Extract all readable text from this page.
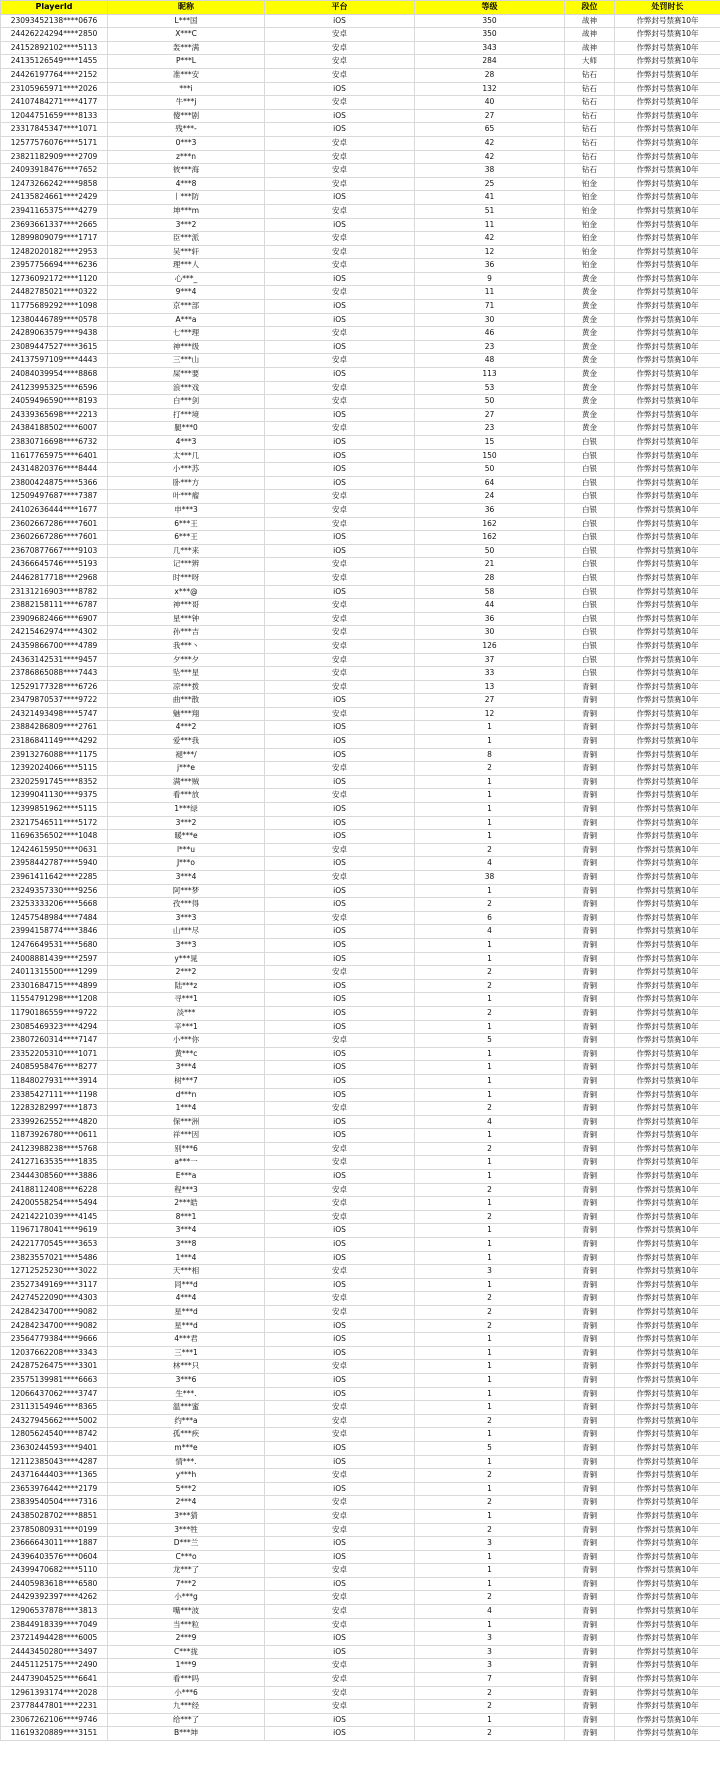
PlayerId	昵称	平台	等级	段位	处罚时长
23093452138****0676	L***国	iOS	350	战神	作弊封号禁赛10年
24426224294****2850	X***C	安卓	350	战神	作弊封号禁赛10年
24152892102****5113	轰***满	安卓	343	战神	作弊封号禁赛10年
24135126549****1455	P***L	安卓	284	大师	作弊封号禁赛10年
24426197764****2152	准***安	安卓	28	钻石	作弊封号禁赛10年
23105965971****2026	***i	iOS	132	钻石	作弊封号禁赛10年
24107484271****4177	牛***j	安卓	40	钻石	作弊封号禁赛10年
12044751659****8133	傻***剧	iOS	27	钻石	作弊封号禁赛10年
23317845347****1071	残***-	iOS	65	钻石	作弊封号禁赛10年
12577576076****5171	0***3	安卓	42	钻石	作弊封号禁赛10年
23821182909****2709	z***n	安卓	42	钻石	作弊封号禁赛10年
24093918476****7652	彼***海	安卓	38	钻石	作弊封号禁赛10年
12473266242****9858	4***8	安卓	25	铂金	作弊封号禁赛10年
24135824661****2429	丨***防	iOS	41	铂金	作弊封号禁赛10年
23941165375****4279	坤***m	安卓	51	铂金	作弊封号禁赛10年
23693661337****2665	3***2	iOS	11	铂金	作弊封号禁赛10年
12899809079****1717	臣***派	安卓	42	铂金	作弊封号禁赛10年
12482020182****2953	吴***轩	安卓	12	铂金	作弊封号禁赛10年
23957756694****6236	理***人	安卓	36	铂金	作弊封号禁赛10年
12736092172****1120	心***_	iOS	9	黄金	作弊封号禁赛10年
24482785021****0322	9***4	安卓	11	黄金	作弊封号禁赛10年
11775689292****1098	京***部	iOS	71	黄金	作弊封号禁赛10年
12380446789****0578	A***a	iOS	30	黄金	作弊封号禁赛10年
24289063579****9438	七***理	安卓	46	黄金	作弊封号禁赛10年
23089447527****3615	神***级	iOS	23	黄金	作弊封号禁赛10年
24137597109****4443	三***山	安卓	48	黄金	作弊封号禁赛10年
24084039954****8868	屎***要	iOS	113	黄金	作弊封号禁赛10年
24123995325****6596	浪***戏	安卓	53	黄金	作弊封号禁赛10年
24059496590****8193	白***剑	安卓	50	黄金	作弊封号禁赛10年
24339365698****2213	打***境	iOS	27	黄金	作弊封号禁赛10年
24384188502****6007	腿***0	安卓	23	黄金	作弊封号禁赛10年
23830716698****6732	4***3	iOS	15	白银	作弊封号禁赛10年
11617765975****6401	太***几	iOS	150	白银	作弊封号禁赛10年
24314820376****8444	小***苏	iOS	50	白银	作弊封号禁赛10年
23800424875****5366	卧***方	iOS	64	白银	作弊封号禁赛10年
12509497687****7387	叶***瘤	安卓	24	白银	作弊封号禁赛10年
24102636444****1677	申***3	安卓	36	白银	作弊封号禁赛10年
23602667286****7601	6***王	安卓	162	白银	作弊封号禁赛10年
23602667286****7601	6***王	iOS	162	白银	作弊封号禁赛10年
23670877667****9103	几***来	iOS	50	白银	作弊封号禁赛10年
24366645746****5193	记***辨	安卓	21	白银	作弊封号禁赛10年
24462817718****2968	时***呀	安卓	28	白银	作弊封号禁赛10年
23131216903****8782	x***@	iOS	58	白银	作弊封号禁赛10年
23882158111****6787	神***哥	安卓	44	白银	作弊封号禁赛10年
23909682466****6907	星***钟	安卓	36	白银	作弊封号禁赛10年
24215462974****4302	孙***吉	安卓	30	白银	作弊封号禁赛10年
24359866700****4789	我***丶	安卓	126	白银	作弊封号禁赛10年
24363142531****9457	夕***夕	安卓	37	白银	作弊封号禁赛10年
23786865088****7443	坠***星	安卓	33	白银	作弊封号禁赛10年
12529177328****6726	凉***拨	安卓	13	青铜	作弊封号禁赛10年
23479870537****9722	曲***散	iOS	27	青铜	作弊封号禁赛10年
24321493498****5747	魅***翔	安卓	12	青铜	作弊封号禁赛10年
23884286809****2761	4***2	iOS	1	青铜	作弊封号禁赛10年
23186841149****4292	爱***我	iOS	1	青铜	作弊封号禁赛10年
23913276088****1175	褪***/	iOS	8	青铜	作弊封号禁赛10年
12392024066****5115	j***e	安卓	2	青铜	作弊封号禁赛10年
23202591745****8352	满***贼	iOS	1	青铜	作弊封号禁赛10年
12399041130****9375	看***放	安卓	1	青铜	作弊封号禁赛10年
12399851962****5115	1***绿	iOS	1	青铜	作弊封号禁赛10年
23217546511****5172	3***2	iOS	1	青铜	作弊封号禁赛10年
11696356502****1048	暖***e	iOS	1	青铜	作弊封号禁赛10年
12424615950****0631	l***u	安卓	2	青铜	作弊封号禁赛10年
23958442787****5940	J***o	iOS	4	青铜	作弊封号禁赛10年
23961411642****2285	3***4	安卓	38	青铜	作弊封号禁赛10年
23249357330****9256	阿***梦	iOS	1	青铜	作弊封号禁赛10年
23253333206****5668	孜***得	iOS	2	青铜	作弊封号禁赛10年
12457548984****7484	3***3	安卓	6	青铜	作弊封号禁赛10年
23994158774****3846	山***尽	iOS	4	青铜	作弊封号禁赛10年
12476649531****5680	3***3	iOS	1	青铜	作弊封号禁赛10年
24008881439****2597	y***晁	iOS	1	青铜	作弊封号禁赛10年
24011315500****1299	2***2	安卓	2	青铜	作弊封号禁赛10年
23301684715****4899	陆***z	iOS	2	青铜	作弊封号禁赛10年
11554791298****1208	寻***1	iOS	1	青铜	作弊封号禁赛10年
11790186559****9722	淡***	iOS	2	青铜	作弊封号禁赛10年
23085469323****4294	辛***1	iOS	1	青铜	作弊封号禁赛10年
23807260314****7147	小***你	安卓	5	青铜	作弊封号禁赛10年
23352205310****1071	黄***c	iOS	1	青铜	作弊封号禁赛10年
24085958476****8277	3***4	iOS	1	青铜	作弊封号禁赛10年
11848027931****3914	树***7	iOS	1	青铜	作弊封号禁赛10年
23385427111****1198	d***n	iOS	1	青铜	作弊封号禁赛10年
12283282997****1873	1***4	安卓	2	青铜	作弊封号禁赛10年
23399262552****4820	保***洲	iOS	4	青铜	作弊封号禁赛10年
11873926780****0611	祥***因	iOS	1	青铜	作弊封号禁赛10年
24123988238****5768	别***6	安卓	2	青铜	作弊封号禁赛10年
24127163535****1835	a***一	安卓	1	青铜	作弊封号禁赛10年
23444308560****3886	E***a	iOS	1	青铜	作弊封号禁赛10年
24188112408****6228	程***3	安卓	2	青铜	作弊封号禁赛10年
24200558254****5494	2***皓	安卓	1	青铜	作弊封号禁赛10年
24214221039****4145	8***1	安卓	2	青铜	作弊封号禁赛10年
11967178041****9619	3***4	iOS	1	青铜	作弊封号禁赛10年
24221770545****3653	3***8	iOS	1	青铜	作弊封号禁赛10年
23823557021****5486	1***4	iOS	1	青铜	作弊封号禁赛10年
12712525230****3022	天***相	安卓	3	青铜	作弊封号禁赛10年
23527349169****3117	同***d	iOS	1	青铜	作弊封号禁赛10年
24274522090****4303	4***4	安卓	2	青铜	作弊封号禁赛10年
24284234700****9082	星***d	安卓	2	青铜	作弊封号禁赛10年
24284234700****9082	星***d	iOS	2	青铜	作弊封号禁赛10年
23564779384****9666	4***君	iOS	1	青铜	作弊封号禁赛10年
12037662208****3343	三***1	iOS	1	青铜	作弊封号禁赛10年
24287526475****3301	林***只	安卓	1	青铜	作弊封号禁赛10年
23575139981****6663	3***6	iOS	1	青铜	作弊封号禁赛10年
12066437062****3747	生***.	iOS	1	青铜	作弊封号禁赛10年
23113154946****8365	温***蜜	安卓	1	青铜	作弊封号禁赛10年
24327945662****5002	约***a	安卓	2	青铜	作弊封号禁赛10年
12805624540****8742	孤***疾	安卓	1	青铜	作弊封号禁赛10年
23630244593****9401	m***e	iOS	5	青铜	作弊封号禁赛10年
12112385043****4287	情***.	iOS	1	青铜	作弊封号禁赛10年
24371644403****1365	y***h	安卓	2	青铜	作弊封号禁赛10年
23653976442****2179	5***2	iOS	1	青铜	作弊封号禁赛10年
23839540504****7316	2***4	安卓	2	青铜	作弊封号禁赛10年
24385028702****8851	3***猜	安卓	1	青铜	作弊封号禁赛10年
23785080931****0199	3***牲	安卓	2	青铜	作弊封号禁赛10年
23666643011****1887	D***兰	iOS	3	青铜	作弊封号禁赛10年
24396403576****0604	C***o	iOS	1	青铜	作弊封号禁赛10年
24399470682****5110	龙***了	安卓	1	青铜	作弊封号禁赛10年
24405983618****6580	7***2	iOS	1	青铜	作弊封号禁赛10年
24429392397****4262	小***g	安卓	2	青铜	作弊封号禁赛10年
12906537878****3813	嘴***波	安卓	4	青铜	作弊封号禁赛10年
23844918339****7049	当***粒	安卓	1	青铜	作弊封号禁赛10年
23721494428****6005	2***9	iOS	3	青铜	作弊封号禁赛10年
24443450280****3497	C***拢	iOS	3	青铜	作弊封号禁赛10年
24451125175****2490	1***9	安卓	3	青铜	作弊封号禁赛10年
24473904525****6641	看***吗	安卓	7	青铜	作弊封号禁赛10年
12961393174****2028	小***6	安卓	2	青铜	作弊封号禁赛10年
23778447801****2231	九***经	安卓	2	青铜	作弊封号禁赛10年
23067262106****9746	给***了	iOS	1	青铜	作弊封号禁赛10年
11619320889****3151	B***坤	iOS	2	青铜	作弊封号禁赛10年
